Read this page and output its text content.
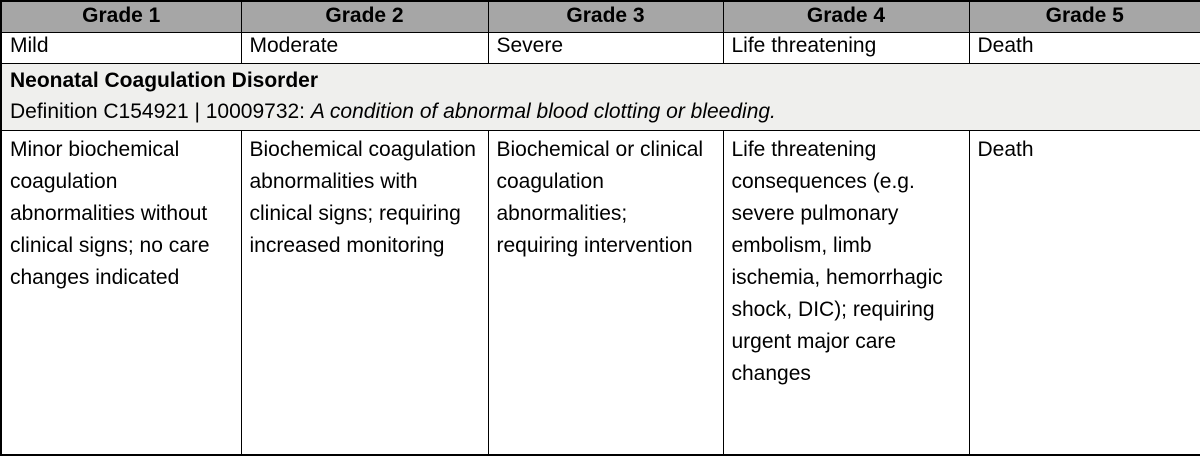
Grade 1	Grade 2	Grade 3	Grade 4	Grade 5
Mild	Moderate	Severe	Life threatening	Death

Neonatal Coagulation Disorder
Definition C154921 | 10009732: A condition of abnormal blood clotting or bleeding.				

Minor biochemical coagulation abnormalities without clinical signs; no care changes indicated	Biochemical coagulation abnormalities with clinical signs; requiring increased monitoring	Biochemical or clinical coagulation abnormalities; requiring intervention	Life threatening consequences (e.g. severe pulmonary embolism, limb ischemia, hemorrhagic shock, DIC); requiring urgent major care changes	Death
